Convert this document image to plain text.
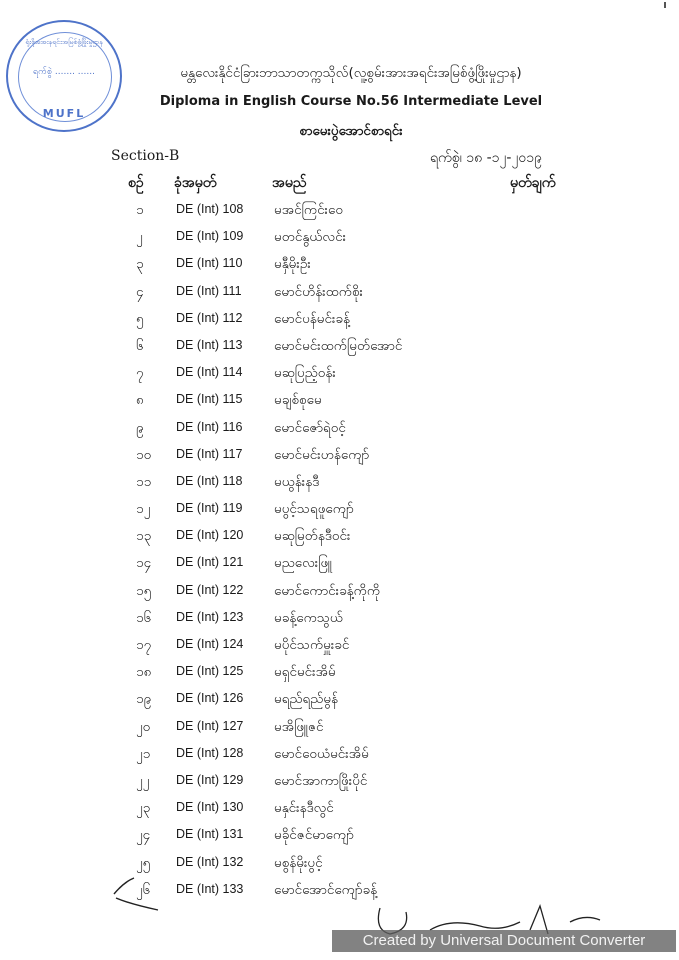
ရုံးစိုးအေးနရင်းအမြစ်ဖွံ့ဖြိုးမှုဌာန
ရက်စွဲ ....... ......
MUFL
မန္တလေးနိုင်ငံခြားဘာသာတက္ကသိုလ်(လူ့စွမ်းအားအရင်းအမြစ်ဖွံ့ဖြိုးမှုဌာန)
Diploma in English Course No.56 Intermediate Level
စာမေးပွဲအောင်စာရင်း
Section-B	ရက်စွဲ၊ ၁၈ -၁၂-၂၀၁၉
စဉ် ခုံအမှတ်	အမည်	မှတ်ချက်
၁	DE (Int) 108 မအင်ကြင်းဝေ
၂	DE (Int) 109 မတင်နွယ်လင်း
၃	DE (Int) 110 မနှီမိုးဦး
၄	DE (Int) 111 မောင်ဟိန်းထက်စိုး
၅	DE (Int) 112 မောင်ပန်မင်းခန့်
၆	DE (Int) 113 မောင်မင်းထက်မြတ်အောင်
၇	DE (Int) 114 မဆုပြည့်ဝန်း
၈	DE (Int) 115 မချစ်စုမေ
၉	DE (Int) 116 မောင်ဇော်ရဲဝင့်
၁၀ DE (Int) 117 မောင်မင်းဟန်ကျော်
၁၁ DE (Int) 118 မယွန်းနဒီ
၁၂ DE (Int) 119 မပွင့်သရဖူကျော်
၁၃ DE (Int) 120 မဆုမြတ်နဒီဝင်း
၁၄ DE (Int) 121 မညလေးဖြူ
၁၅ DE (Int) 122 မောင်ကောင်းခန့်ကိုကို
၁၆ DE (Int) 123 မခန့်ကေသွယ်
၁၇ DE (Int) 124 မပိုင်သက်မှူးခင်
၁၈ DE (Int) 125 မရှင်မင်းအိမ်
၁၉ DE (Int) 126 မရည်ရည်မွန်
၂၀ DE (Int) 127 မအိဖြူဇင်
၂၁ DE (Int) 128 မောင်ဝေယံမင်းအိမ်
၂၂ DE (Int) 129 မောင်အာကာဖြိုးပိုင်
၂၃ DE (Int) 130 မနှင်းနဒီလွင်
၂၄ DE (Int) 131 မခိုင်ဇင်မာကျော်
၂၅ DE (Int) 132 မစွန်မိုးပွင့်
၂၆ DE (Int) 133 မောင်အောင်ကျော်ခန့်
Created by Universal Document Converter
